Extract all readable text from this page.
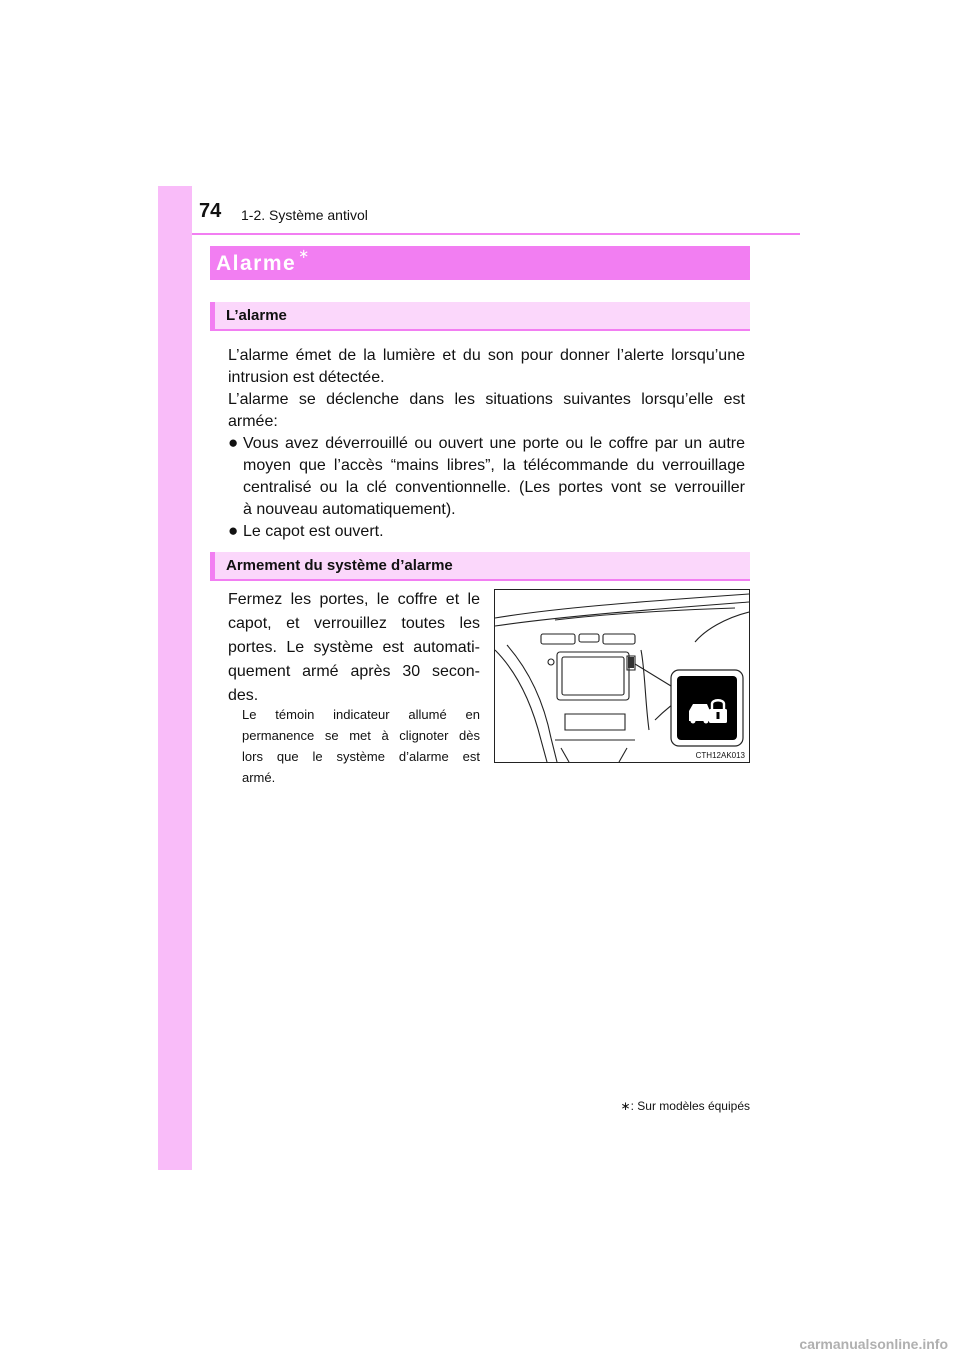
74 1-2. Système antivol
Alarme ∗
L’alarme
L’alarme émet de la lumière et du son pour donner l’alerte lorsqu’une
intrusion est détectée.
L’alarme se déclenche dans les situations suivantes lorsqu’elle est
armée:
● Vous avez déverrouillé ou ouvert une porte ou le coffre par un autre
moyen que l’accès “mains libres”, la télécommande du verrouillage
centralisé ou la clé conventionnelle. (Les portes vont se verrouiller
à nouveau automatiquement).
● Le capot est ouvert.
Armement du système d’alarme
Fermez les portes, le coffre et le
capot, et verrouillez toutes les
portes. Le système est automati-
quement armé après 30 secon-
des.
Le témoin indicateur allumé en
permanence se met à clignoter dès
lors que le système d’alarme est
armé.
CTH12AK013
∗: Sur modèles équipés
carmanualsonline.info
